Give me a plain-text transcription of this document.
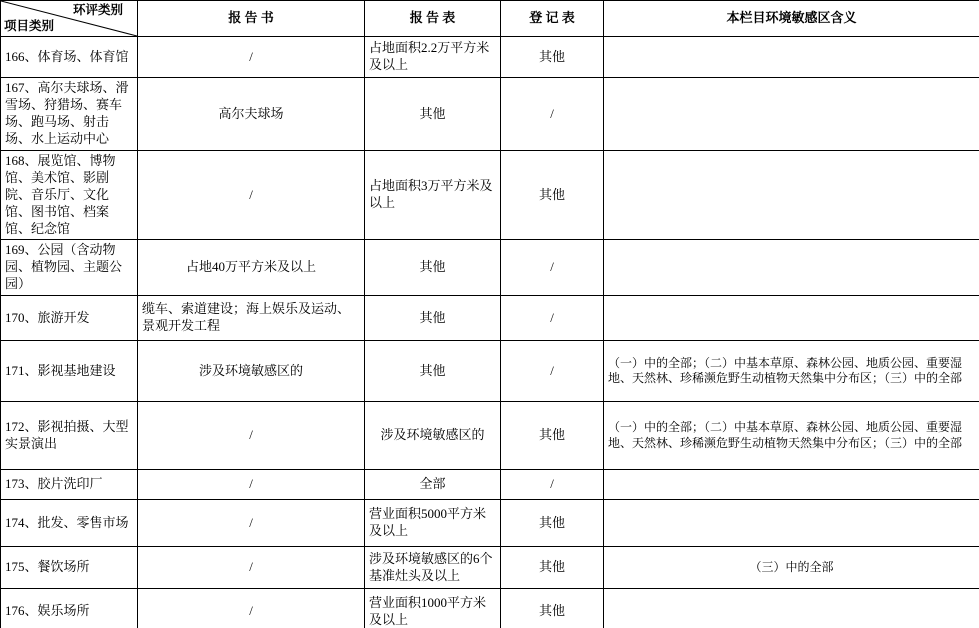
环评类别
项目类别	报 告 书	报 告 表	登 记 表	本栏目环境敏感区含义
166、体育场、体育馆	/	占地面积2.2万平方米及以上	其他	
167、高尔夫球场、滑雪场、狩猎场、赛车场、跑马场、射击场、水上运动中心	高尔夫球场	其他	/	
168、展览馆、博物馆、美术馆、影剧院、音乐厅、文化馆、图书馆、档案馆、纪念馆	/	占地面积3万平方米及以上	其他	
169、公园（含动物园、植物园、主题公园）	占地40万平方米及以上	其他	/	
170、旅游开发	缆车、索道建设；海上娱乐及运动、景观开发工程	其他	/	
171、影视基地建设	涉及环境敏感区的	其他	/	（一）中的全部；（二）中基本草原、森林公园、地质公园、重要湿地、天然林、珍稀濒危野生动植物天然集中分布区；（三）中的全部
172、影视拍摄、大型实景演出	/	涉及环境敏感区的	其他	（一）中的全部；（二）中基本草原、森林公园、地质公园、重要湿地、天然林、珍稀濒危野生动植物天然集中分布区；（三）中的全部
173、胶片洗印厂	/	全部	/	
174、批发、零售市场	/	营业面积5000平方米及以上	其他	
175、餐饮场所	/	涉及环境敏感区的6个基准灶头及以上	其他	（三）中的全部
176、娱乐场所	/	营业面积1000平方米及以上	其他	
